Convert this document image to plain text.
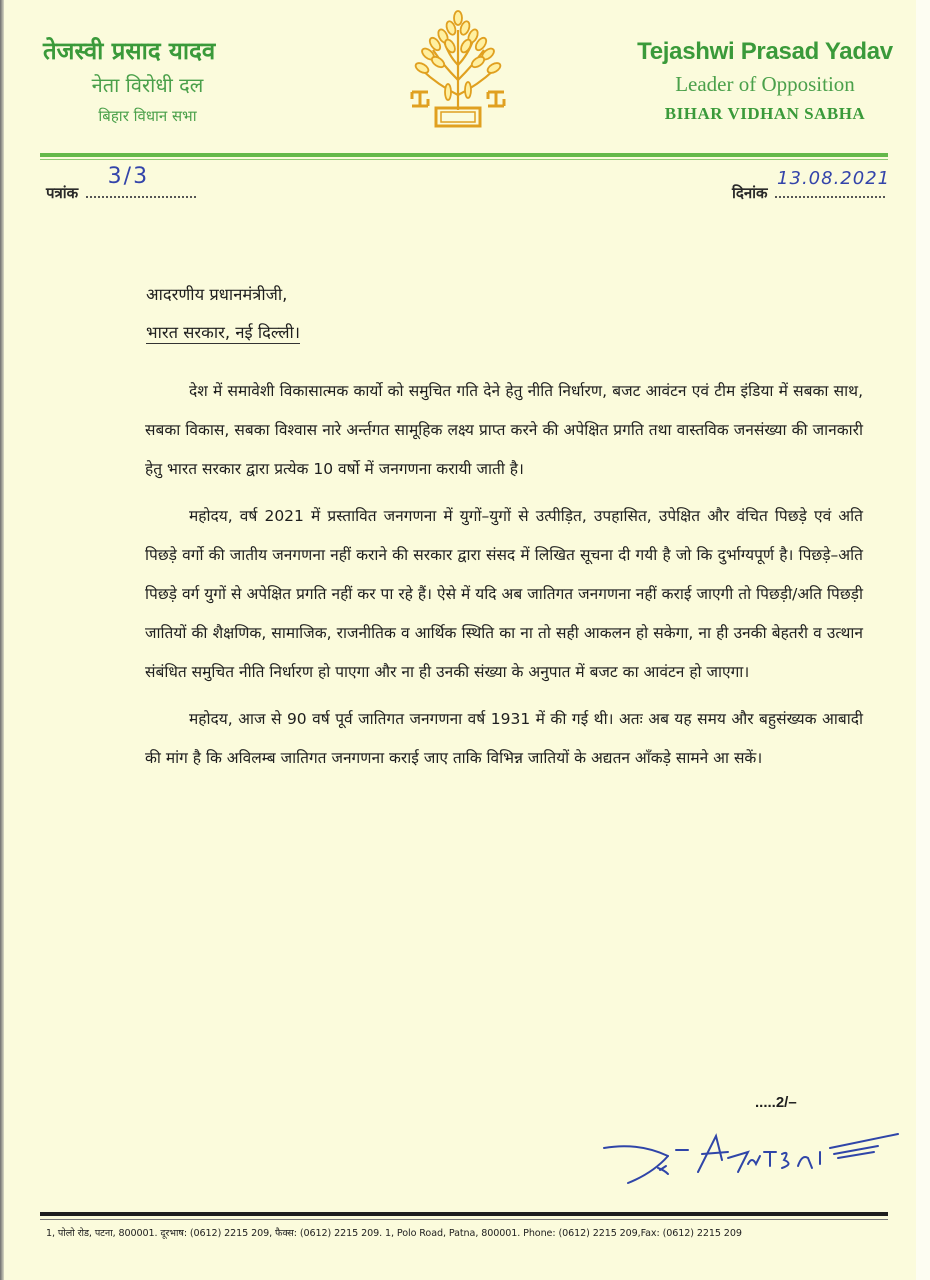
तेजस्वी प्रसाद यादव
नेता विरोधी दल
बिहार विधान सभा
Tejashwi Prasad Yadav
Leader of Opposition
BIHAR VIDHAN SABHA
पत्रांक
3/3
दिनांक
13.08.2021
आदरणीय प्रधानमंत्रीजी,
भारत सरकार, नई दिल्ली।

देश में समावेशी विकासात्मक कार्यो को समुचित गति देने हेतु नीति निर्धारण, बजट आवंटन एवं टीम इंडिया में सबका साथ, सबका विकास, सबका विश्वास नारे अर्न्तगत सामूहिक लक्ष्य प्राप्त करने की अपेक्षित प्रगति तथा वास्तविक जनसंख्या की जानकारी हेतु भारत सरकार द्वारा प्रत्येक 10 वर्षो में जनगणना करायी जाती है।

महोदय, वर्ष 2021 में प्रस्तावित जनगणना में युगों–युगों से उत्पीड़ित, उपहासित, उपेक्षित और वंचित पिछड़े एवं अति पिछड़े वर्गो की जातीय जनगणना नहीं कराने की सरकार द्वारा संसद में लिखित सूचना दी गयी है जो कि दुर्भाग्यपूर्ण है। पिछड़े–अति पिछड़े वर्ग युगों से अपेक्षित प्रगति नहीं कर पा रहे हैं। ऐसे में यदि अब जातिगत जनगणना नहीं कराई जाएगी तो पिछड़ी/अति पिछड़ी जातियों की शैक्षणिक, सामाजिक, राजनीतिक व आर्थिक स्थिति का ना तो सही आकलन हो सकेगा, ना ही उनकी बेहतरी व उत्थान संबंधित समुचित नीति निर्धारण हो पाएगा और ना ही उनकी संख्या के अनुपात में बजट का आवंटन हो जाएगा।

महोदय, आज से 90 वर्ष पूर्व जातिगत जनगणना वर्ष 1931 में की गई थी। अतः अब यह समय और बहुसंख्यक आबादी की मांग है कि अविलम्ब जातिगत जनगणना कराई जाए ताकि विभिन्न जातियों के अद्यतन आँकड़े सामने आ सकें।

.....2/–
1, पोलो रोड, पटना, 800001. दूरभाष: (0612) 2215 209, फैक्स: (0612) 2215 209. 1, Polo Road, Patna, 800001. Phone: (0612) 2215 209,Fax: (0612) 2215 209
